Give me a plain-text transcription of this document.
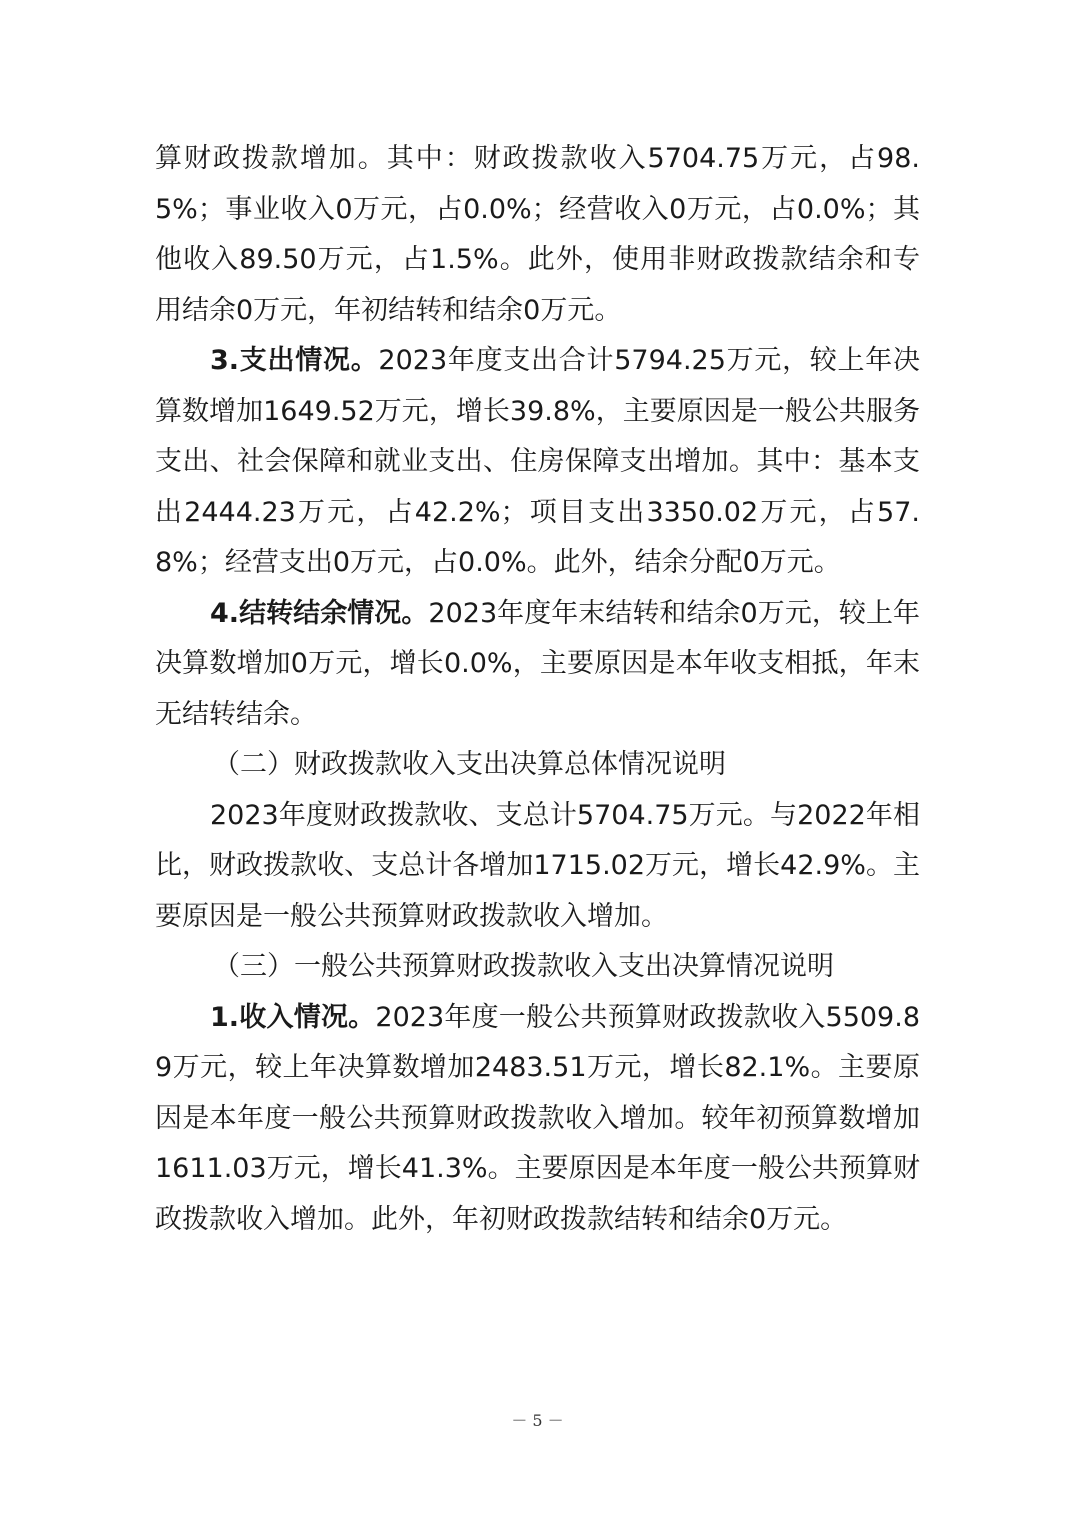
算财政拨款增加。其中：财政拨款收入5704.75万元，占98.5%；事业收入0万元，占0.0%；经营收入0万元，占0.0%；其他收入89.50万元，占1.5%。此外，使用非财政拨款结余和专用结余0万元，年初结转和结余0万元。

3.支出情况。2023年度支出合计5794.25万元，较上年决算数增加1649.52万元，增长39.8%，主要原因是一般公共服务支出、社会保障和就业支出、住房保障支出增加。其中：基本支出2444.23万元，占42.2%；项目支出3350.02万元，占57.8%；经营支出0万元，占0.0%。此外，结余分配0万元。

4.结转结余情况。2023年度年末结转和结余0万元，较上年决算数增加0万元，增长0.0%，主要原因是本年收支相抵，年末无结转结余。

（二）财政拨款收入支出决算总体情况说明

2023年度财政拨款收、支总计5704.75万元。与2022年相比，财政拨款收、支总计各增加1715.02万元，增长42.9%。主要原因是一般公共预算财政拨款收入增加。

（三）一般公共预算财政拨款收入支出决算情况说明

1.收入情况。2023年度一般公共预算财政拨款收入5509.89万元，较上年决算数增加2483.51万元，增长82.1%。主要原因是本年度一般公共预算财政拨款收入增加。较年初预算数增加1611.03万元，增长41.3%。主要原因是本年度一般公共预算财政拨款收入增加。此外，年初财政拨款结转和结余0万元。

－ 5 －
